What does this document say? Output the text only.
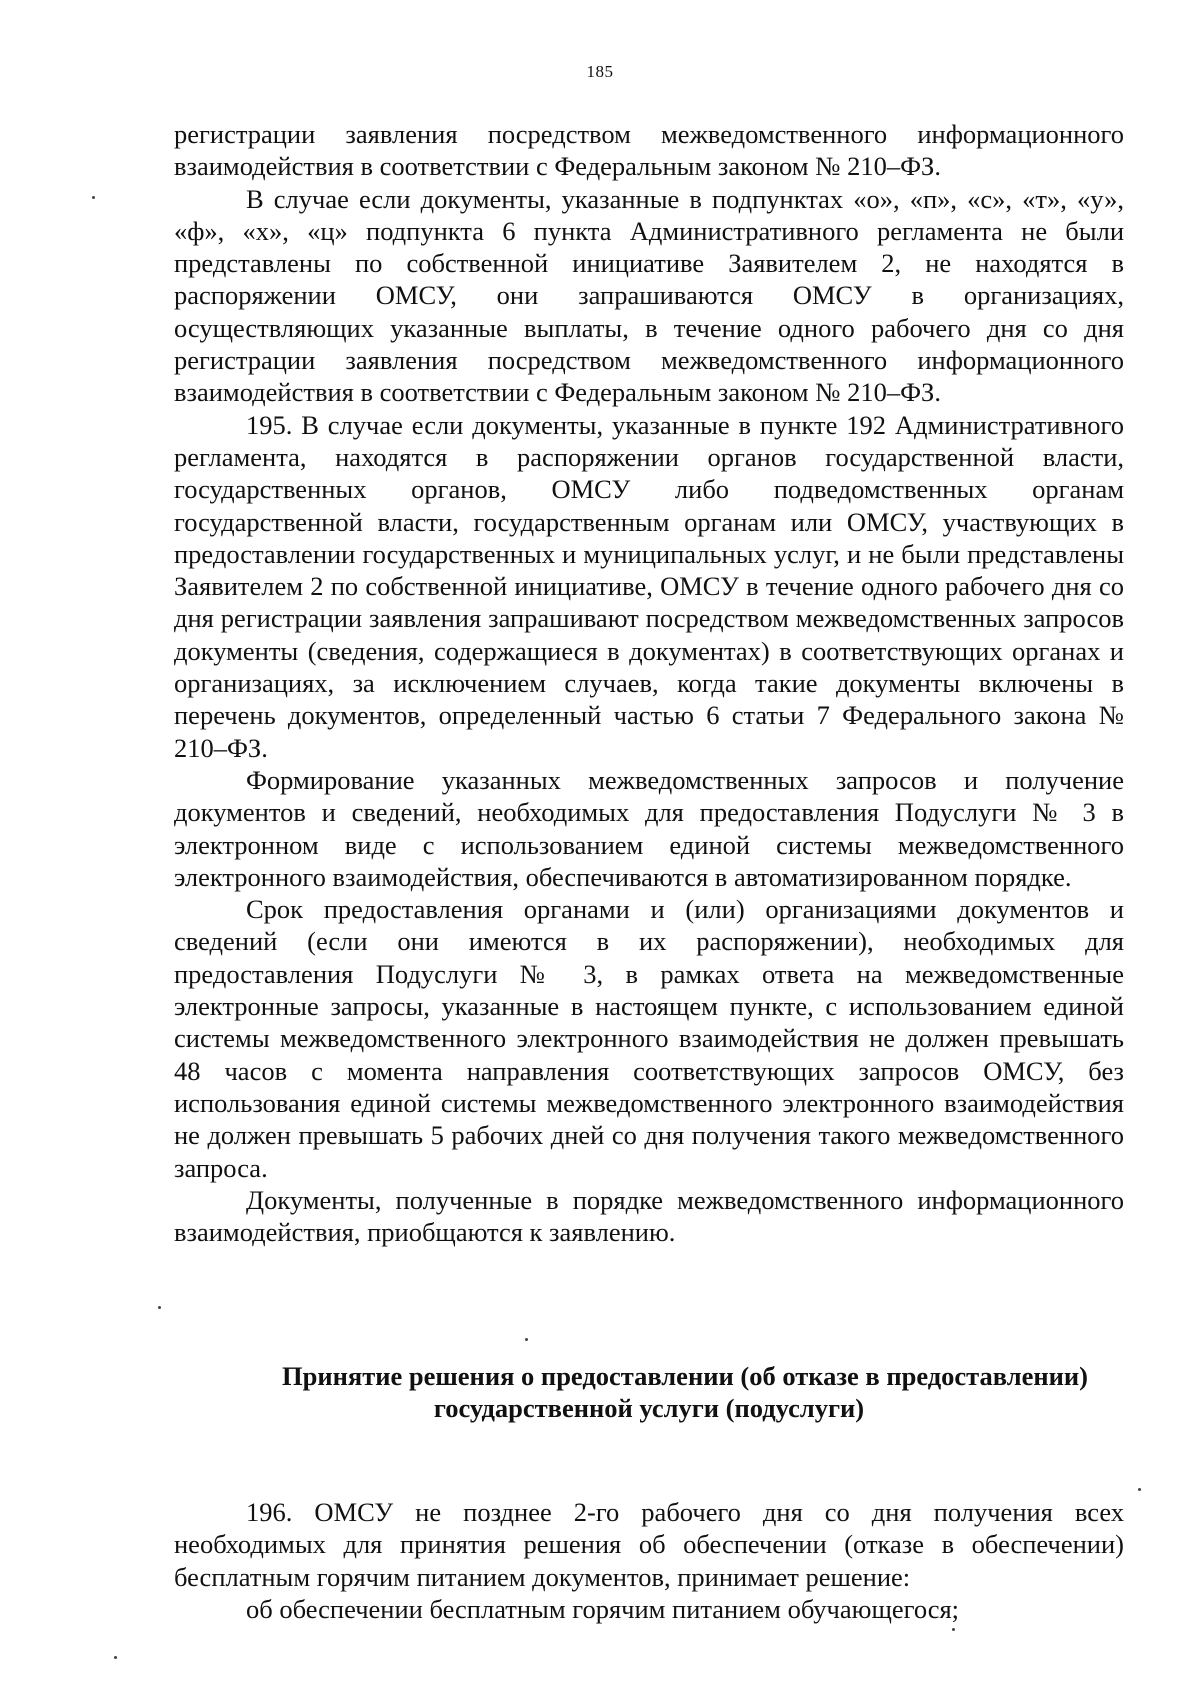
185

регистрации заявления посредством межведомственного информационного взаимодействия в соответствии с Федеральным законом № 210–ФЗ.

В случае если документы, указанные в подпунктах «о», «п», «с», «т», «у», «ф», «х», «ц» подпункта 6 пункта Административного регламента не были представлены по собственной инициативе Заявителем 2, не находятся в распоряжении ОМСУ, они запрашиваются ОМСУ в организациях, осуществляющих указанные выплаты, в течение одного рабочего дня со дня регистрации заявления посредством межведомственного информационного взаимодействия в соответствии с Федеральным законом № 210–ФЗ.

195. В случае если документы, указанные в пункте 192 Административного регламента, находятся в распоряжении органов государственной власти, государственных органов, ОМСУ либо подведомственных органам государственной власти, государственным органам или ОМСУ, участвующих в предоставлении государственных и муниципальных услуг, и не были представлены Заявителем 2 по собственной инициативе, ОМСУ в течение одного рабочего дня со дня регистрации заявления запрашивают посредством межведомственных запросов документы (сведения, содержащиеся в документах) в соответствующих органах и организациях, за исключением случаев, когда такие документы включены в перечень документов, определенный частью 6 статьи 7 Федерального закона № 210–ФЗ.

Формирование указанных межведомственных запросов и получение документов и сведений, необходимых для предоставления Подуслуги № 3 в электронном виде с использованием единой системы межведомственного электронного взаимодействия, обеспечиваются в автоматизированном порядке.

Срок предоставления органами и (или) организациями документов и сведений (если они имеются в их распоряжении), необходимых для предоставления Подуслуги № 3, в рамках ответа на межведомственные электронные запросы, указанные в настоящем пункте, с использованием единой системы межведомственного электронного взаимодействия не должен превышать 48 часов с момента направления соответствующих запросов ОМСУ, без использования единой системы межведомственного электронного взаимодействия не должен превышать 5 рабочих дней со дня получения такого межведомственного запроса.

Документы, полученные в порядке межведомственного информационного взаимодействия, приобщаются к заявлению.

Принятие решения о предоставлении (об отказе в предоставлении)
государственной услуги (подуслуги)

196. ОМСУ не позднее 2-го рабочего дня со дня получения всех необходимых для принятия решения об обеспечении (отказе в обеспечении) бесплатным горячим питанием документов, принимает решение:

об обеспечении бесплатным горячим питанием обучающегося;
